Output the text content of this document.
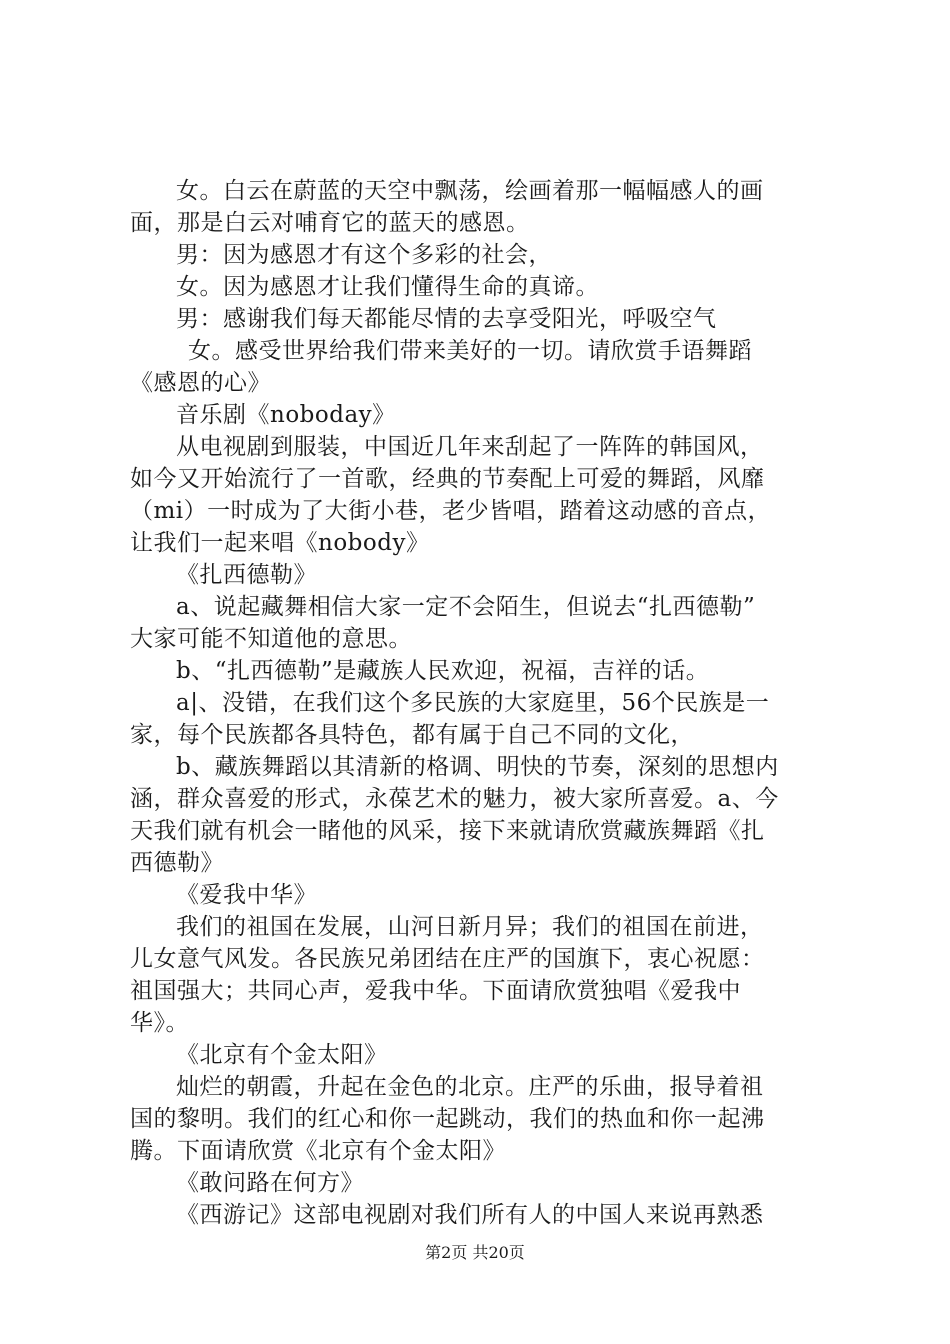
女。白云在蔚蓝的天空中飘荡，绘画着那一幅幅感人的画
面，那是白云对哺育它的蓝天的感恩。
男：因为感恩才有这个多彩的社会，
女。因为感恩才让我们懂得生命的真谛。
男：感谢我们每天都能尽情的去享受阳光，呼吸空气
女。感受世界给我们带来美好的一切。请欣赏手语舞蹈
《感恩的心》
音乐剧《noboday》
从电视剧到服装，中国近几年来刮起了一阵阵的韩国风，
如今又开始流行了一首歌，经典的节奏配上可爱的舞蹈，风靡
（mi）一时成为了大街小巷，老少皆唱，踏着这动感的音点，
让我们一起来唱《nobody》
《扎西德勒》
a、说起藏舞相信大家一定不会陌生，但说去“扎西德勒”
大家可能不知道他的意思。
b、“扎西德勒”是藏族人民欢迎，祝福，吉祥的话。
a|、没错，在我们这个多民族的大家庭里，56个民族是一
家，每个民族都各具特色，都有属于自己不同的文化，
b、藏族舞蹈以其清新的格调、明快的节奏，深刻的思想内
涵，群众喜爱的形式，永葆艺术的魅力，被大家所喜爱。a、今
天我们就有机会一睹他的风采，接下来就请欣赏藏族舞蹈《扎
西德勒》
《爱我中华》
我们的祖国在发展，山河日新月异；我们的祖国在前进，
儿女意气风发。各民族兄弟团结在庄严的国旗下，衷心祝愿：
祖国强大；共同心声，爱我中华。下面请欣赏独唱《爱我中
华》。
《北京有个金太阳》
灿烂的朝霞，升起在金色的北京。庄严的乐曲，报导着祖
国的黎明。我们的红心和你一起跳动，我们的热血和你一起沸
腾。下面请欣赏《北京有个金太阳》
《敢问路在何方》
《西游记》这部电视剧对我们所有人的中国人来说再熟悉
第2页 共20页
